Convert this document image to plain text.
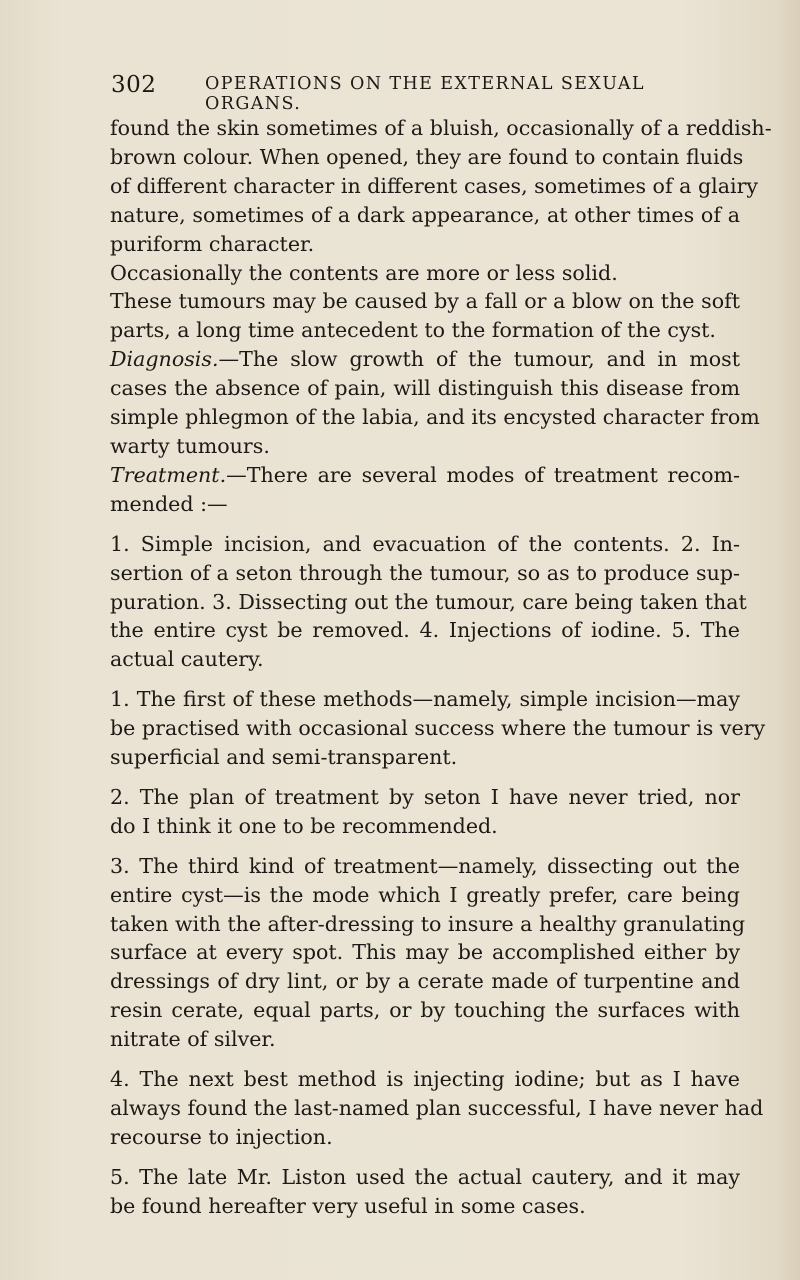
302	OPERATIONS ON THE EXTERNAL SEXUAL ORGANS.

found the skin sometimes of a bluish, occasionally of a reddish-
brown colour. When opened, they are found to contain fluids
of different character in different cases, sometimes of a glairy
nature, sometimes of a dark appearance, at other times of a
puriform character.

Occasionally the contents are more or less solid.

These tumours may be caused by a fall or a blow on the soft
parts, a long time antecedent to the formation of the cyst.

Diagnosis.—The slow growth of the tumour, and in most
cases the absence of pain, will distinguish this disease from
simple phlegmon of the labia, and its encysted character from
warty tumours.

Treatment.—There are several modes of treatment recom-
mended :—

1. Simple incision, and evacuation of the contents. 2. In-
sertion of a seton through the tumour, so as to produce sup-
puration. 3. Dissecting out the tumour, care being taken that
the entire cyst be removed. 4. Injections of iodine. 5. The
actual cautery.

1. The first of these methods—namely, simple incision—may
be practised with occasional success where the tumour is very
superficial and semi-transparent.

2. The plan of treatment by seton I have never tried, nor
do I think it one to be recommended.

3. The third kind of treatment—namely, dissecting out the
entire cyst—is the mode which I greatly prefer, care being
taken with the after-dressing to insure a healthy granulating
surface at every spot. This may be accomplished either by
dressings of dry lint, or by a cerate made of turpentine and
resin cerate, equal parts, or by touching the surfaces with
nitrate of silver.

4. The next best method is injecting iodine; but as I have
always found the last-named plan successful, I have never had
recourse to injection.

5. The late Mr. Liston used the actual cautery, and it may
be found hereafter very useful in some cases.
